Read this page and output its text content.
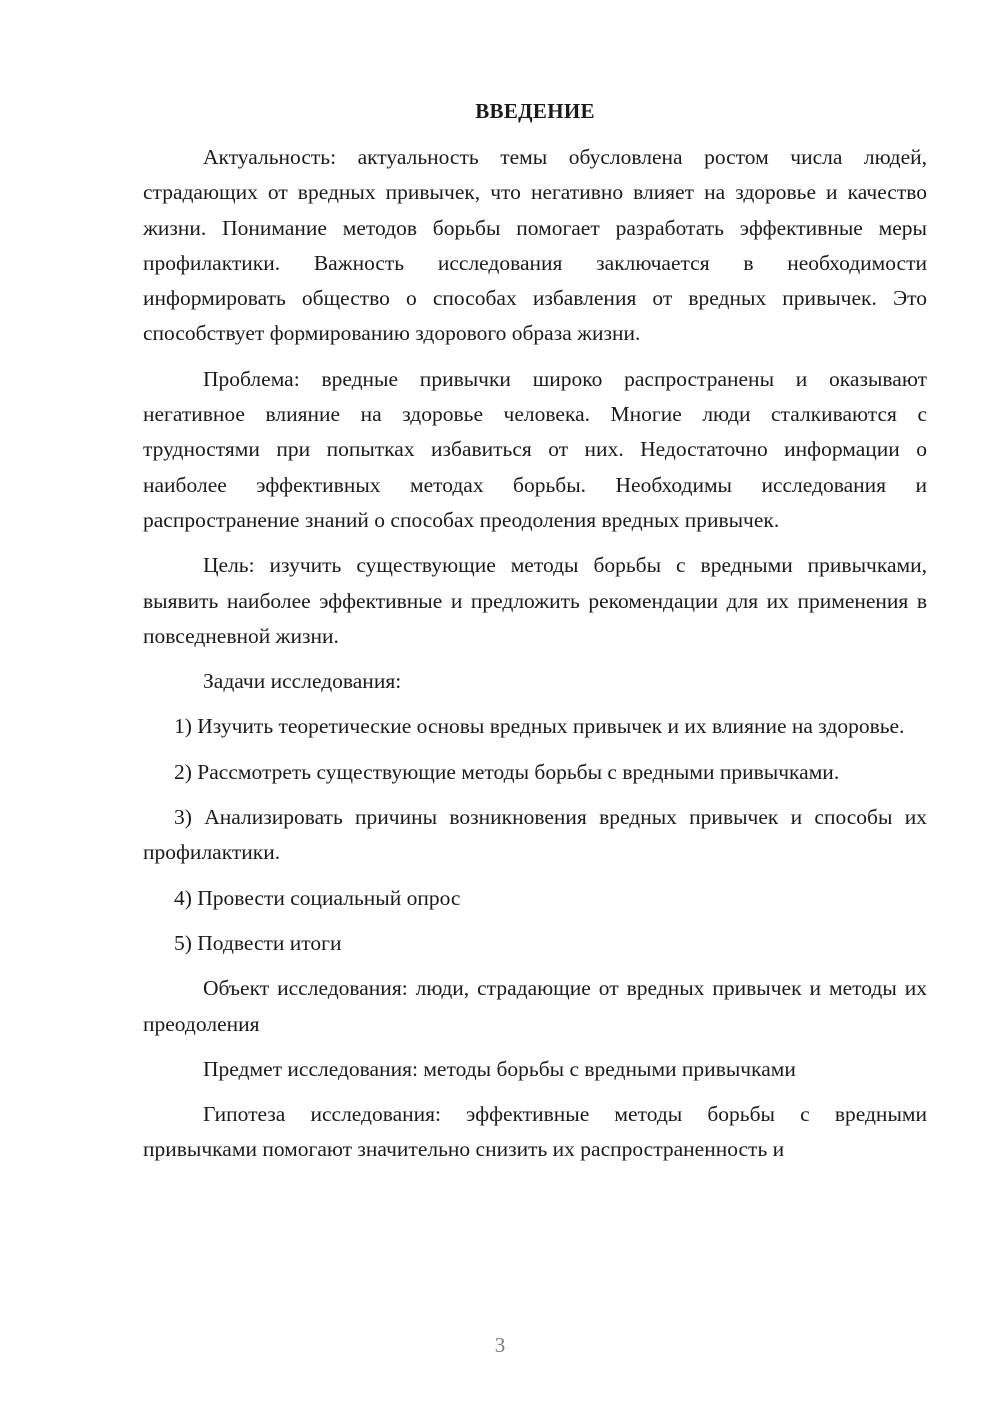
ВВЕДЕНИЕ

Актуальность: актуальность темы обусловлена ростом числа людей, страдающих от вредных привычек, что негативно влияет на здоровье и качество жизни. Понимание методов борьбы помогает разработать эффективные меры профилактики. Важность исследования заключается в необходимости информировать общество о способах избавления от вредных привычек. Это способствует формированию здорового образа жизни.

Проблема: вредные привычки широко распространены и оказывают негативное влияние на здоровье человека. Многие люди сталкиваются с трудностями при попытках избавиться от них. Недостаточно информации о наиболее эффективных методах борьбы. Необходимы исследования и распространение знаний о способах преодоления вредных привычек.

Цель: изучить существующие методы борьбы с вредными привычками, выявить наиболее эффективные и предложить рекомендации для их применения в повседневной жизни.

Задачи исследования:

1) Изучить теоретические основы вредных привычек и их влияние на здоровье.

2) Рассмотреть существующие методы борьбы с вредными привычками.

3) Анализировать причины возникновения вредных привычек и способы их профилактики.

4) Провести социальный опрос

5) Подвести итоги

Объект исследования: люди, страдающие от вредных привычек и методы их преодоления

Предмет исследования: методы борьбы с вредными привычками

Гипотеза исследования: эффективные методы борьбы с вредными привычками помогают значительно снизить их распространенность и

3
